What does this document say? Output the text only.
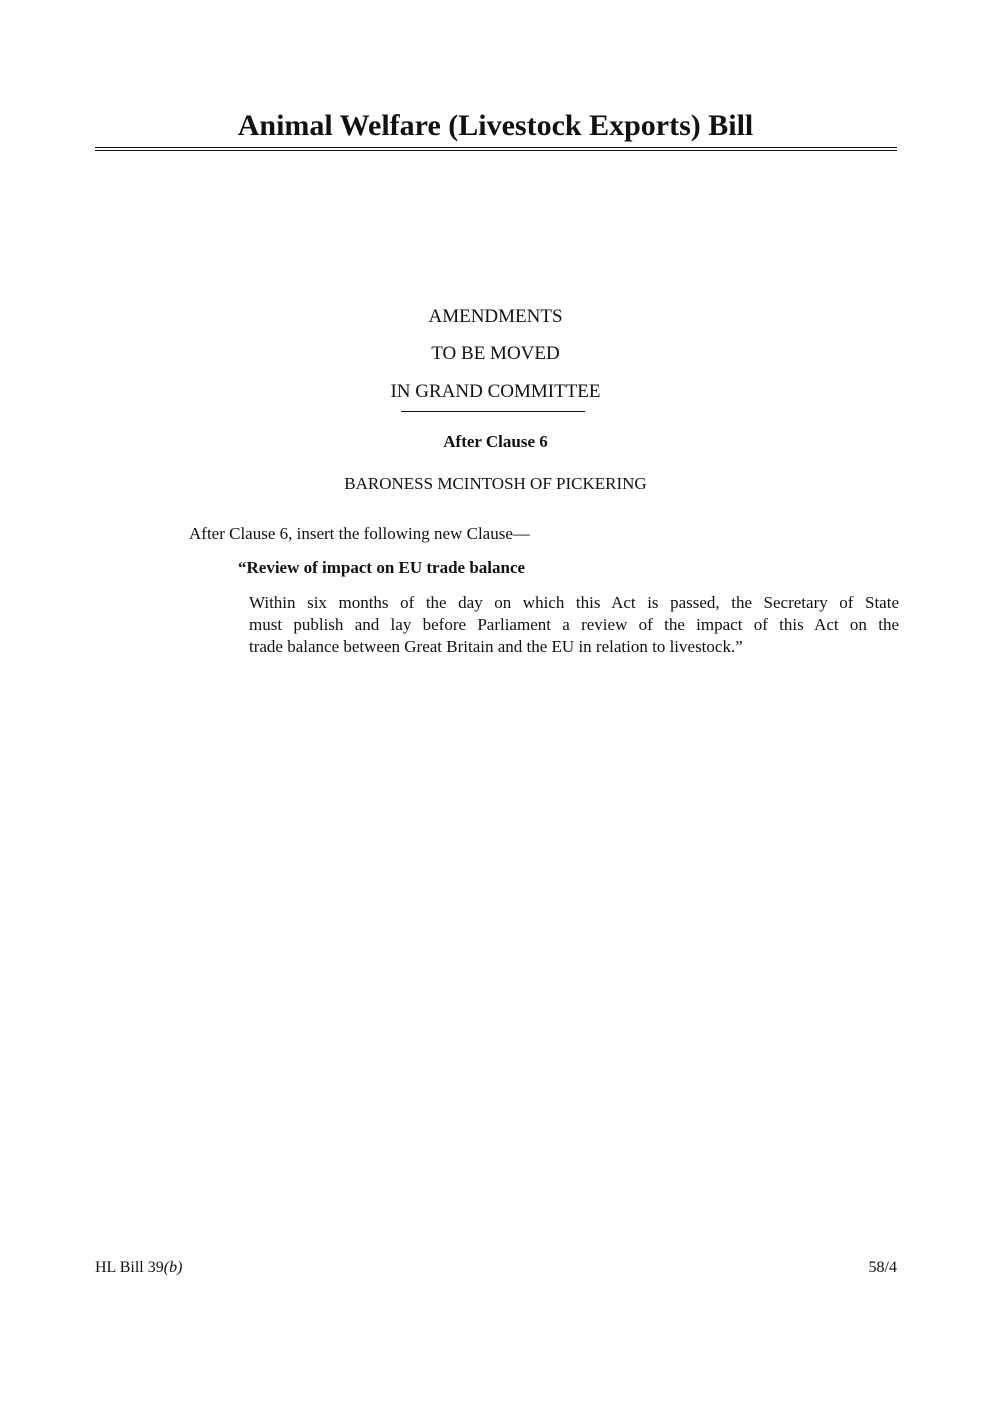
Animal Welfare (Livestock Exports) Bill
AMENDMENTS
TO BE MOVED
IN GRAND COMMITTEE
After Clause 6
BARONESS MCINTOSH OF PICKERING
After Clause 6, insert the following new Clause—
“Review of impact on EU trade balance

Within six months of the day on which this Act is passed, the Secretary of State
must publish and lay before Parliament a review of the impact of this Act on the
trade balance between Great Britain and the EU in relation to livestock.”

HL Bill 39(b)	58/4
